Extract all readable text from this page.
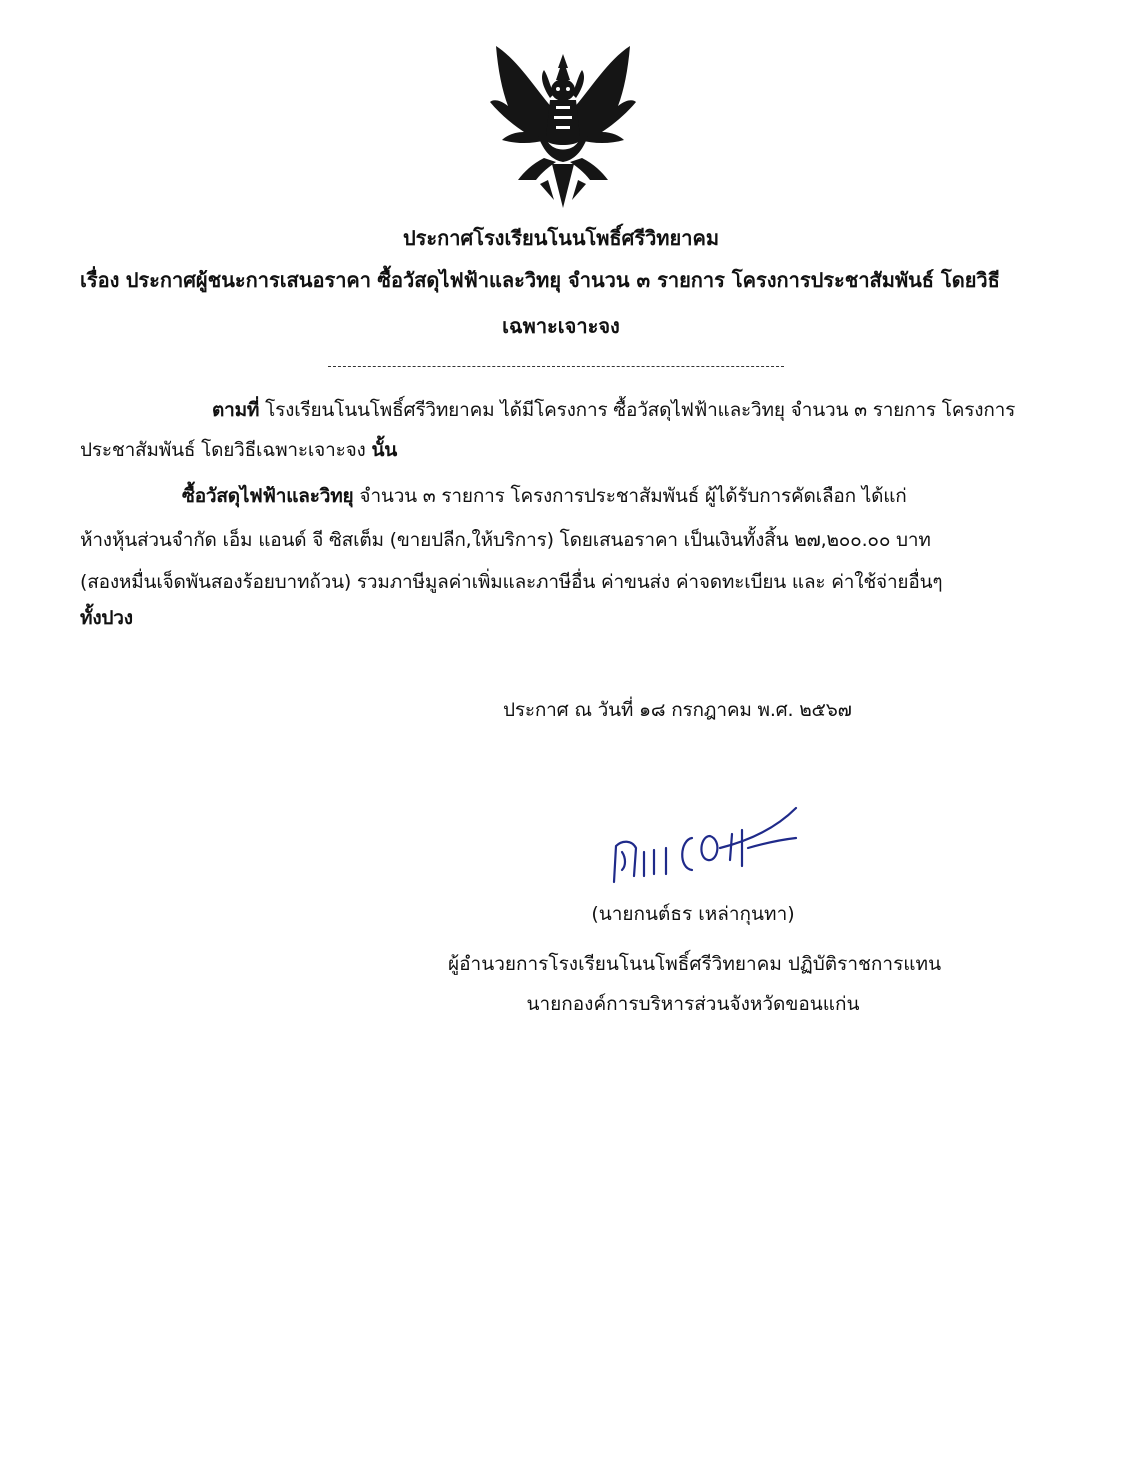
ประกาศโรงเรียนโนนโพธิ์ศรีวิทยาคม
เรื่อง ประกาศผู้ชนะการเสนอราคา ซื้อวัสดุไฟฟ้าและวิทยุ จำนวน ๓ รายการ โครงการประชาสัมพันธ์ โดยวิธี
เฉพาะเจาะจง
ตามที่ โรงเรียนโนนโพธิ์ศรีวิทยาคม ได้มีโครงการ ซื้อวัสดุไฟฟ้าและวิทยุ จำนวน ๓ รายการ โครงการ
ประชาสัมพันธ์ โดยวิธีเฉพาะเจาะจง นั้น
ซื้อวัสดุไฟฟ้าและวิทยุ จำนวน ๓ รายการ โครงการประชาสัมพันธ์ ผู้ได้รับการคัดเลือก ได้แก่
ห้างหุ้นส่วนจำกัด เอ็ม แอนด์ จี ซิสเต็ม (ขายปลีก,ให้บริการ) โดยเสนอราคา เป็นเงินทั้งสิ้น ๒๗,๒๐๐.๐๐ บาท
(สองหมื่นเจ็ดพันสองร้อยบาทถ้วน) รวมภาษีมูลค่าเพิ่มและภาษีอื่น ค่าขนส่ง ค่าจดทะเบียน และ ค่าใช้จ่ายอื่นๆ
ทั้งปวง
ประกาศ ณ วันที่ ๑๘ กรกฎาคม พ.ศ. ๒๕๖๗
(นายกนต์ธร เหล่ากุนทา)
ผู้อำนวยการโรงเรียนโนนโพธิ์ศรีวิทยาคม ปฏิบัติราชการแทน
นายกองค์การบริหารส่วนจังหวัดขอนแก่น
